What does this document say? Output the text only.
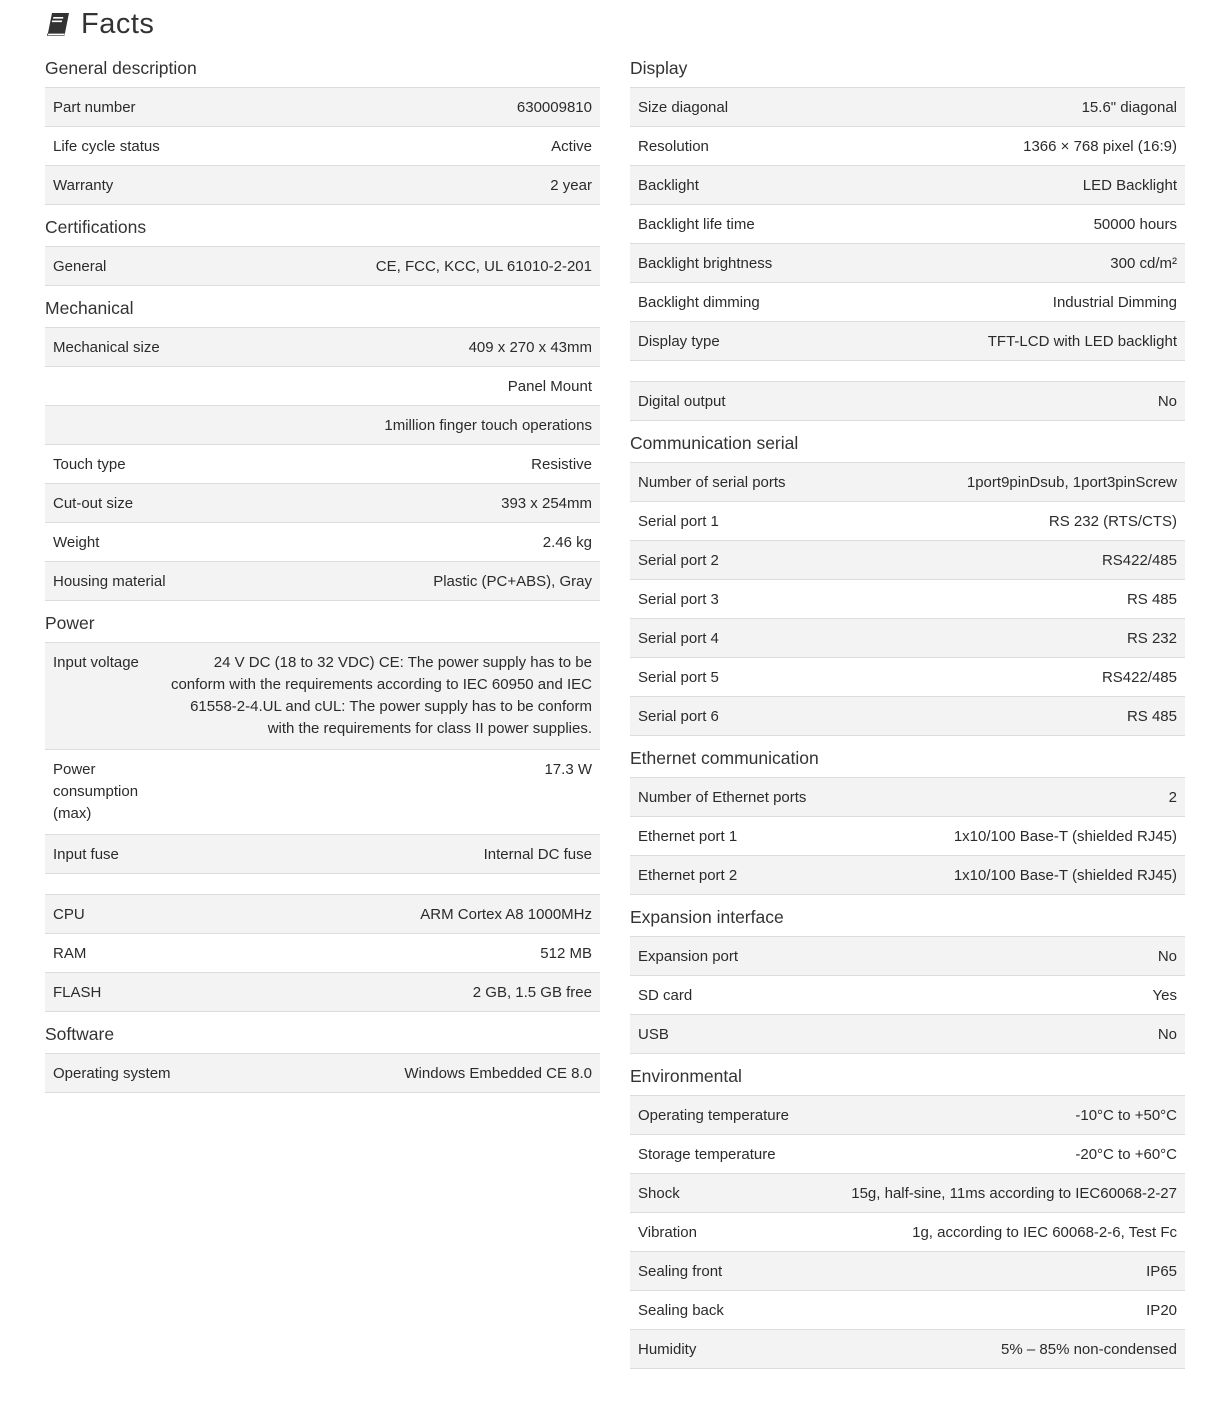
Facts
General description
Part number	630009810
Life cycle status	Active
Warranty	2 year
Certifications
General	CE, FCC, KCC, UL 61010-2-201
Mechanical
Mechanical size	409 x 270 x 43mm
	Panel Mount
	1million finger touch operations
Touch type	Resistive
Cut-out size	393 x 254mm
Weight	2.46 kg
Housing material	Plastic (PC+ABS), Gray
Power
Input voltage	24 V DC (18 to 32 VDC) CE: The power supply has to be conform with the requirements according to IEC 60950 and IEC 61558-2-4.UL and cUL: The power supply has to be conform with the requirements for class II power supplies.
Power consumption (max)	17.3 W
Input fuse	Internal DC fuse
CPU	ARM Cortex A8 1000MHz
RAM	512 MB
FLASH	2 GB, 1.5 GB free
Software
Operating system	Windows Embedded CE 8.0
Display
Size diagonal	15.6" diagonal
Resolution	1366 × 768 pixel (16:9)
Backlight	LED Backlight
Backlight life time	50000 hours
Backlight brightness	300 cd/m²
Backlight dimming	Industrial Dimming
Display type	TFT-LCD with LED backlight
Digital output	No
Communication serial
Number of serial ports	1port9pinDsub, 1port3pinScrew
Serial port 1	RS 232 (RTS/CTS)
Serial port 2	RS422/485
Serial port 3	RS 485
Serial port 4	RS 232
Serial port 5	RS422/485
Serial port 6	RS 485
Ethernet communication
Number of Ethernet ports	2
Ethernet port 1	1x10/100 Base-T (shielded RJ45)
Ethernet port 2	1x10/100 Base-T (shielded RJ45)
Expansion interface
Expansion port	No
SD card	Yes
USB	No
Environmental
Operating temperature	-10°C to +50°C
Storage temperature	-20°C to +60°C
Shock	15g, half-sine, 11ms according to IEC60068-2-27
Vibration	1g, according to IEC 60068-2-6, Test Fc
Sealing front	IP65
Sealing back	IP20
Humidity	5% – 85% non-condensed
